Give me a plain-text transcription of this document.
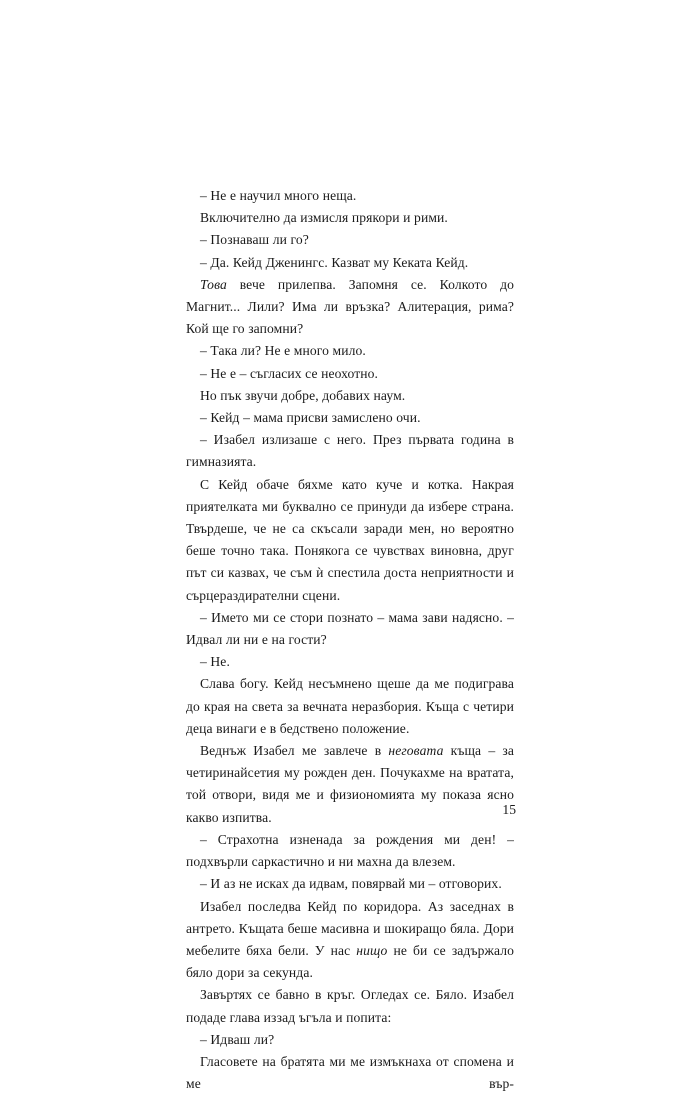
– Не е научил много неща.

Включително да измисля прякори и рими.

– Познаваш ли го?

– Да. Кейд Дженингс. Казват му Кеката Кейд.

Това вече прилепва. Запомня се. Колкото до Магнит... Лили? Има ли връзка? Алитерация, рима? Кой ще го запомни?

– Така ли? Не е много мило.

– Не е – съгласих се неохотно.

Но пък звучи добре, добавих наум.

– Кейд – мама присви замислено очи.

– Изабел излизаше с него. През първата година в гимназията.

С Кейд обаче бяхме като куче и котка. Накрая приятелката ми буквално се принуди да избере страна. Твърдеше, че не са скъсали заради мен, но вероятно беше точно така. Понякога се чувствах виновна, друг път си казвах, че съм ѝ спестила доста неприятности и сърцераздирателни сцени.

– Името ми се стори познато – мама зави надясно. – Идвал ли ни е на гости?

– Не.

Слава богу. Кейд несъмнено щеше да ме подиграва до края на света за вечната неразбория. Къща с четири деца винаги е в бедствено положение.

Веднъж Изабел ме завлече в неговата къща – за четиринайсетия му рожден ден. Почукахме на вратата, той отвори, видя ме и физиономията му показа ясно какво изпитва.

– Страхотна изненада за рождения ми ден! – подхвърли саркастично и ни махна да влезем.

– И аз не исках да идвам, повярвай ми – отговорих.

Изабел последва Кейд по коридора. Аз заседнах в антрето. Къщата беше масивна и шокиращо бяла. Дори мебелите бяха бели. У нас нищо не би се задържало бяло дори за секунда.

Завъртях се бавно в кръг. Огледах се. Бяло. Изабел подаде глава иззад ъгъла и попита:

– Идваш ли?

Гласовете на братята ми ме измъкнаха от спомена и ме вър-

15
